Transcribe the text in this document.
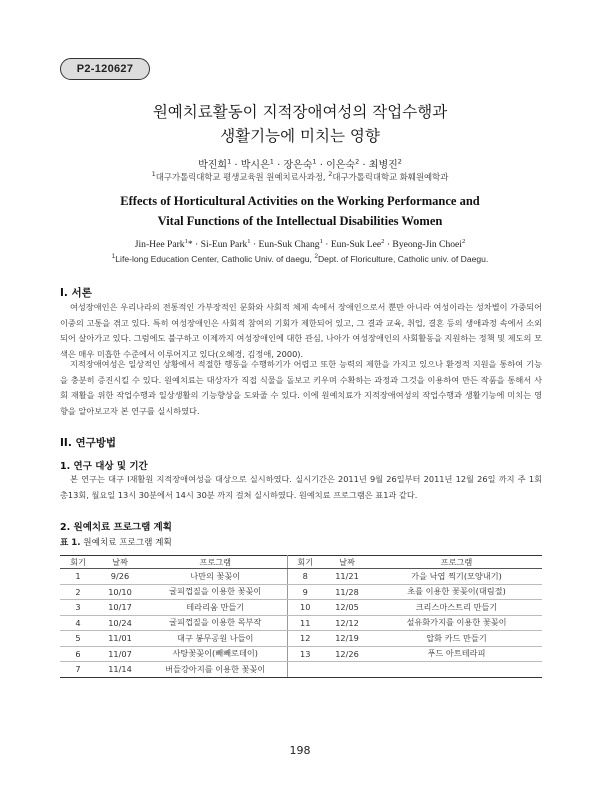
P2-120627
원예치료활동이 지적장애여성의 작업수행과
생활기능에 미치는 영향
박진희$^1$ · 박시은$^1$ · 장은숙$^1$ · 이은숙$^2$ · 최병진$^2$
$^1$대구가톨릭대학교 평생교육원 원예치료사과정, $^2$대구가톨릭대학교 화훼원예학과
Effects of Horticultural Activities on the Working Performance and
Vital Functions of the Intellectual Disabilities Women
Jin-Hee Park$^1$* · Si-Eun Park$^1$ · Eun-Suk Chang$^1$ · Eun-Suk Lee$^2$ · Byeong-Jin Choei$^2$
$^1$Life-long Education Center, Catholic Univ. of daegu, $^2$Dept. of Floriculture, Catholic univ. of Daegu.
I. 서론

여성장애인은 우리나라의 전통적인 가부장적인 문화와 사회적 체제 속에서 장애인으로서 뿐만 아니라 여성이라는 성차별이 가중되어 이중의 고통을 겪고 있다. 특히 여성장애인은 사회적 참여의 기회가 제한되어 있고, 그 결과 교육, 취업, 결혼 등의 생애과정 속에서 소외되어 살아가고 있다. 그럼에도 불구하고 이제까지 여성장애인에 대한 관심, 나아가 여성장애인의 사회활동을 지원하는 정책 및 제도의 모색은 매우 미흡한 수준에서 이루어지고 있다(오혜경, 김정애, 2000).

지적장애여성은 일상적인 상황에서 적절한 행동을 수행하기가 어렵고 또한 능력의 제한을 가지고 있으나 환경적 지원을 통하여 기능을 충분히 증진시킬 수 있다. 원예치료는 대상자가 직접 식물을 돌보고 키우며 수확하는 과정과 그것을 이용하여 만든 작품을 통해서 사회 재활을 위한 작업수행과 일상생활의 기능향상을 도와줄 수 있다. 이에 원예치료가 지적장애여성의 작업수행과 생활기능에 미치는 영향을 알아보고자 본 연구를 실시하였다.

II. 연구방법
1. 연구 대상 및 기간

본 연구는 대구 I재활원 지적장애여성을 대상으로 실시하였다. 실시기간은 2011년 9월 26일부터 2011년 12월 26일 까지 주 1회 총13회, 월요일 13시 30분에서 14시 30분 까지 걸쳐 실시하였다. 원예치료 프로그램은 표1과 같다.

2. 원예치료 프로그램 계획
표 1. 원예치료 프로그램 계획
회기	날짜	프로그램	회기	날짜	프로그램
1	9/26	나만의 꽃꽂이	8	11/21	가을 낙엽 찍기(모양내기)
2	10/10	굴피껍질을 이용한 꽃꽂이	9	11/28	초를 이용한 꽃꽂이(대림절)
3	10/17	테라리움 만들기	10	12/05	크리스마스트리 만들기
4	10/24	굴피껍질을 이용한 목부작	11	12/12	설유화가지를 이용한 꽃꽂이
5	11/01	대구 봉무공원 나들이	12	12/19	압화 카드 만들기
6	11/07	사탕꽃꽂이(빼빼로데이)	13	12/26	푸드 아트테라피
7	11/14	버들강아지를 이용한 꽃꽂이			
198
